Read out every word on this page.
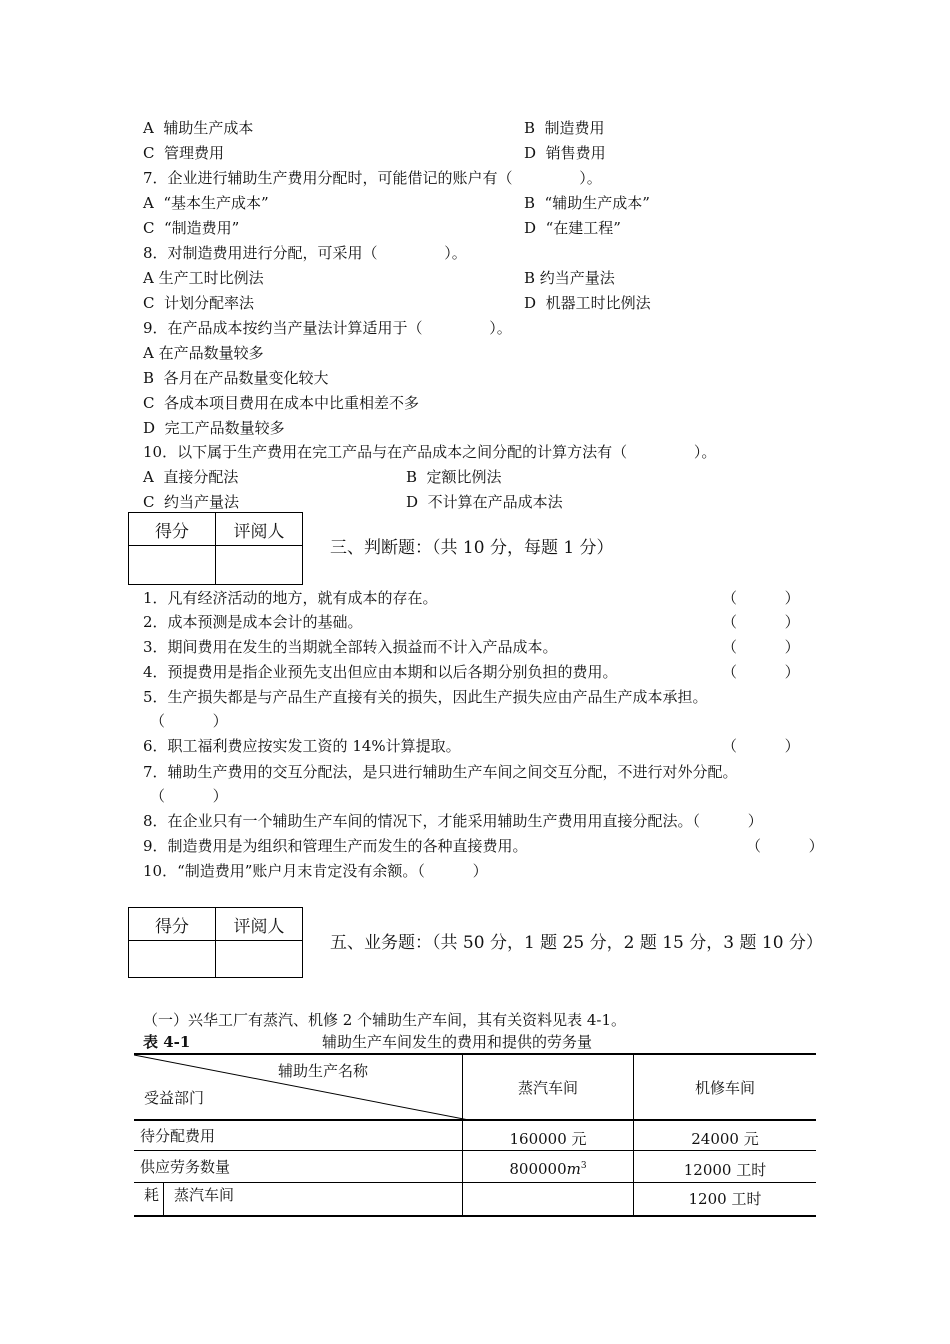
A  辅助生产成本	B  制造费用
C  管理费用	D  销售费用
7．企业进行辅助生产费用分配时，可能借记的账户有（              ）。
A  “基本生产成本”	B  “辅助生产成本”
C  “制造费用”	D  “在建工程”
8．对制造费用进行分配，可采用（              ）。
A 生产工时比例法	B 约当产量法
C  计划分配率法	D  机器工时比例法
9．在产品成本按约当产量法计算适用于（              ）。
A 在产品数量较多
B  各月在产品数量变化较大
C  各成本项目费用在成本中比重相差不多
D  完工产品数量较多
10．以下属于生产费用在完工产品与在产品成本之间分配的计算方法有（              ）。
A  直接分配法	B  定额比例法
C  约当产量法	D  不计算在产品成本法
得分	评阅人

三、判断题：（共 10 分，每题 1 分）
1．凡有经济活动的地方，就有成本的存在。	（          ）
2．成本预测是成本会计的基础。	（          ）
3．期间费用在发生的当期就全部转入损益而不计入产品成本。	（          ）
4．预提费用是指企业预先支出但应由本期和以后各期分别负担的费用。	（          ）
5．生产损失都是与产品生产直接有关的损失，因此生产损失应由产品生产成本承担。
（          ）
6．职工福利费应按实发工资的 14%计算提取。	（          ）
7．辅助生产费用的交互分配法，是只进行辅助生产车间之间交互分配，不进行对外分配。
（          ）
8．在企业只有一个辅助生产车间的情况下，才能采用辅助生产费用用直接分配法。（          ）
9．制造费用是为组织和管理生产而发生的各种直接费用。	（          ）
10．“制造费用”账户月末肯定没有余额。（          ）
得分	评阅人

五、业务题：（共 50 分，1 题 25 分，2 题 15 分，3 题 10 分）
（一）兴华工厂有蒸汽、机修 2 个辅助生产车间，其有关资料见表 4-1。
表 4-1	辅助生产车间发生的费用和提供的劳务量
辅助生产名称
受益部门	蒸汽车间	机修车间
待分配费用	160000 元	24000 元
供应劳务数量	$800000m^3$	12000 工时

耗 蒸汽车间		1200 工时
